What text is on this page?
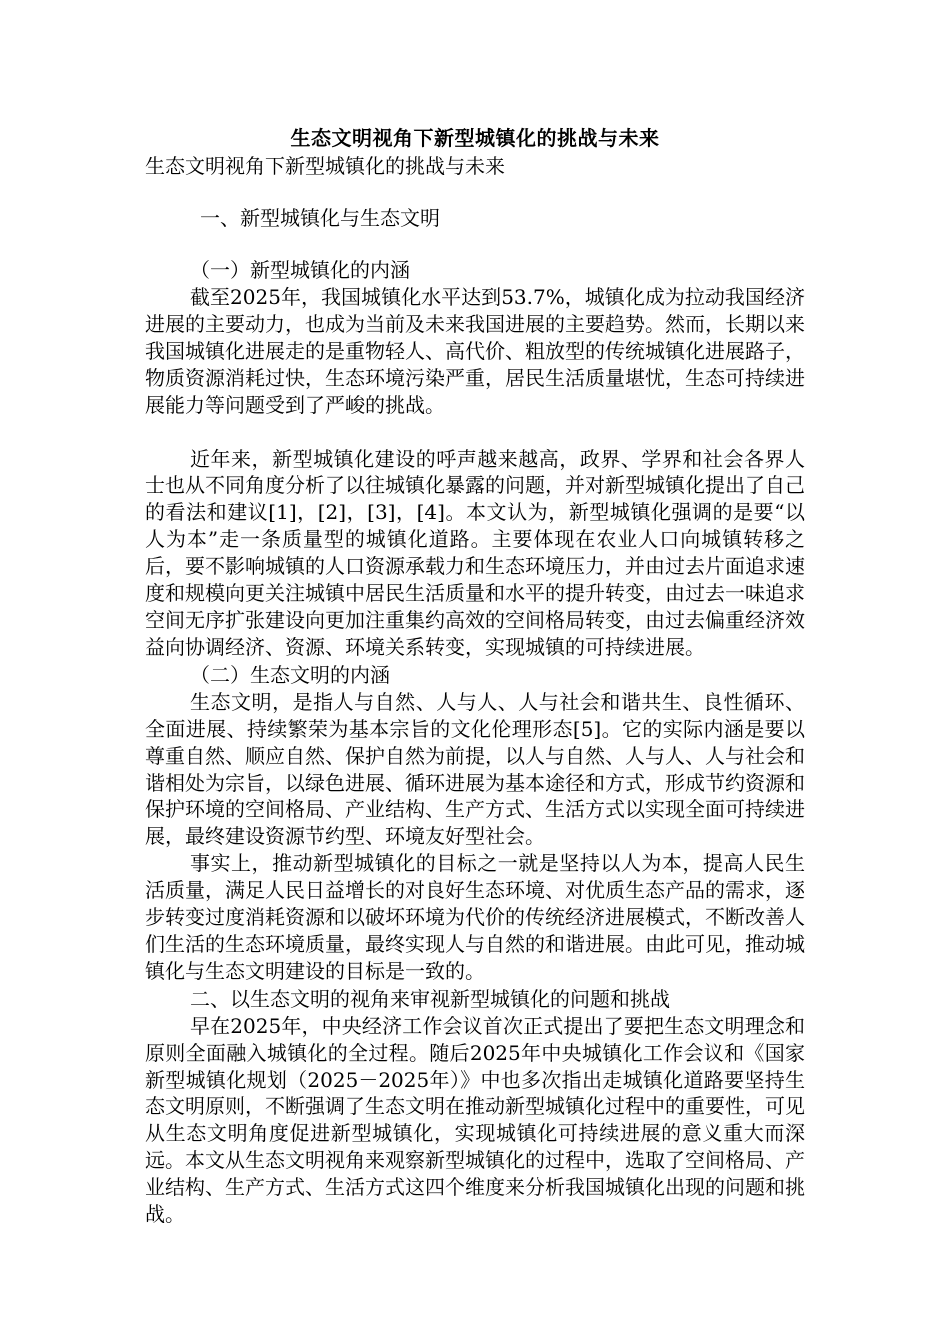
生态文明视角下新型城镇化的挑战与未来

生态文明视角下新型城镇化的挑战与未来

一、新型城镇化与生态文明

（一）新型城镇化的内涵

截至2025年，我国城镇化水平达到53.7%，城镇化成为拉动我国经济进展的主要动力，也成为当前及未来我国进展的主要趋势。然而，长期以来我国城镇化进展走的是重物轻人、高代价、粗放型的传统城镇化进展路子，物质资源消耗过快，生态环境污染严重，居民生活质量堪忧，生态可持续进展能力等问题受到了严峻的挑战。

近年来，新型城镇化建设的呼声越来越高，政界、学界和社会各界人士也从不同角度分析了以往城镇化暴露的问题，并对新型城镇化提出了自己的看法和建议[1]，[2]，[3]，[4]。本文认为，新型城镇化强调的是要“以人为本”走一条质量型的城镇化道路。主要体现在农业人口向城镇转移之后，要不影响城镇的人口资源承载力和生态环境压力，并由过去片面追求速度和规模向更关注城镇中居民生活质量和水平的提升转变，由过去一味追求空间无序扩张建设向更加注重集约高效的空间格局转变，由过去偏重经济效益向协调经济、资源、环境关系转变，实现城镇的可持续进展。

（二）生态文明的内涵

生态文明，是指人与自然、人与人、人与社会和谐共生、良性循环、全面进展、持续繁荣为基本宗旨的文化伦理形态[5]。它的实际内涵是要以尊重自然、顺应自然、保护自然为前提，以人与自然、人与人、人与社会和谐相处为宗旨，以绿色进展、循环进展为基本途径和方式，形成节约资源和保护环境的空间格局、产业结构、生产方式、生活方式以实现全面可持续进展，最终建设资源节约型、环境友好型社会。

事实上，推动新型城镇化的目标之一就是坚持以人为本，提高人民生活质量，满足人民日益增长的对良好生态环境、对优质生态产品的需求，逐步转变过度消耗资源和以破坏环境为代价的传统经济进展模式，不断改善人们生活的生态环境质量，最终实现人与自然的和谐进展。由此可见，推动城镇化与生态文明建设的目标是一致的。

二、以生态文明的视角来审视新型城镇化的问题和挑战

早在2025年，中央经济工作会议首次正式提出了要把生态文明理念和原则全面融入城镇化的全过程。随后2025年中央城镇化工作会议和《国家新型城镇化规划（2025－2025年）》中也多次指出走城镇化道路要坚持生态文明原则，不断强调了生态文明在推动新型城镇化过程中的重要性，可见从生态文明角度促进新型城镇化，实现城镇化可持续进展的意义重大而深远。本文从生态文明视角来观察新型城镇化的过程中，选取了空间格局、产业结构、生产方式、生活方式这四个维度来分析我国城镇化出现的问题和挑战。
